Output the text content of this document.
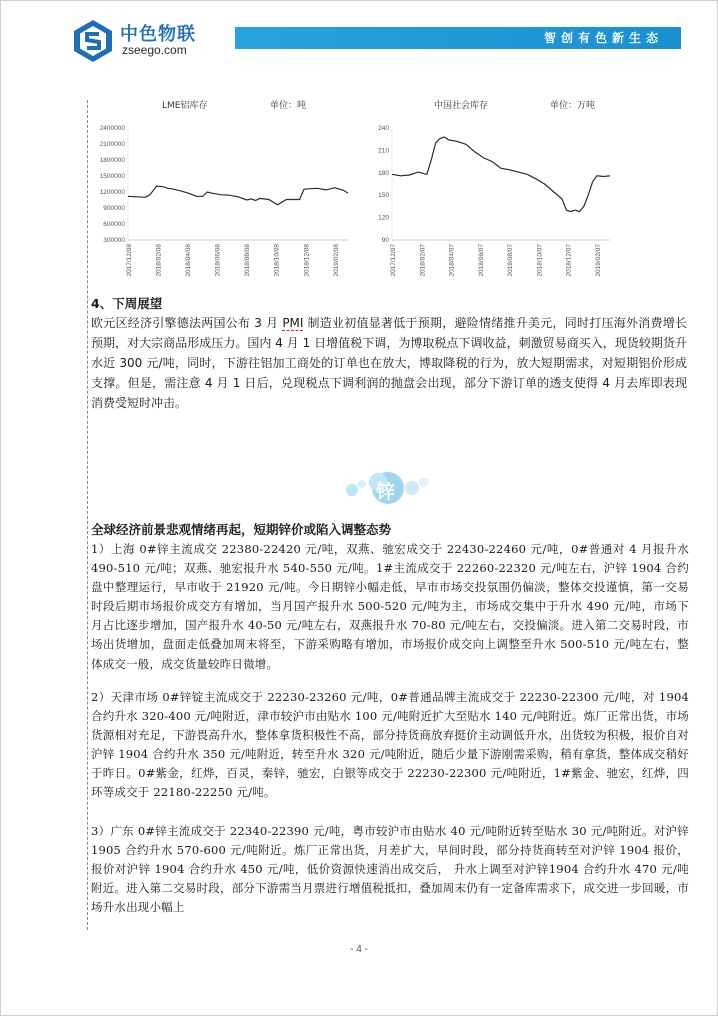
中色物联
zseego.com
智创有色新生态
LME铝库存	单位：吨
2400000
2100000
1800000
1500000
1200000
900000
600000
300000
2017/12/08	2018/02/08	2018/04/08	2018/06/08	2018/08/08	2018/10/08	2018/12/08	2019/02/08
中国社会库存	单位：万吨
240
210
180
150
120
90
2017/12/07	2018/02/07	2018/04/07	2018/06/07	2018/08/07	2018/10/07	2018/12/07	2019/02/07
4、下周展望
欧元区经济引擎德法两国公布 3 月 PMI 制造业初值显著低于预期，避险情绪推升美元，同时打压海外消费增长预期，对大宗商品形成压力。国内 4 月 1 日增值税下调，为博取税点下调收益，刺激贸易商买入，现货较期货升水近 300 元/吨，同时，下游往铝加工商处的订单也在放大，博取降税的行为，放大短期需求，对短期铝价形成支撑。但是，需注意 4 月 1 日后，兑现税点下调利润的抛盘会出现，部分下游订单的透支使得 4 月去库即表现消费受短时冲击。
锌
全球经济前景悲观情绪再起，短期锌价或陷入调整态势
1）上海 0#锌主流成交 22380-22420 元/吨，双燕、驰宏成交于 22430-22460 元/吨，0#普通对 4 月报升水 490-510 元/吨；双燕、驰宏报升水 540-550 元/吨。1#主流成交于 22260-22320 元/吨左右，沪锌 1904 合约盘中整理运行，早市收于 21920 元/吨。今日期锌小幅走低，早市市场交投氛围仍偏淡，整体交投谨慎，第一交易时段后期市场报价成交方有增加，当月国产报升水 500-520 元/吨为主，市场成交集中于升水 490 元/吨，市场下月占比逐步增加，国产报升水 40-50 元/吨左右，双燕报升水 70-80 元/吨左右，交投偏淡。进入第二交易时段，市场出货增加，盘面走低叠加周末将至，下游采购略有增加，市场报价成交向上调整至升水 500-510 元/吨左右，整体成交一般，成交货量较昨日微增。
2）天津市场 0#锌锭主流成交于 22230-23260 元/吨，0#普通品牌主流成交于 22230-22300 元/吨，对 1904 合约升水 320-400 元/吨附近，津市较沪市由贴水 100 元/吨附近扩大至贴水 140 元/吨附近。炼厂正常出货，市场货源相对充足，下游畏高升水，整体拿货积极性不高，部分持货商放弃挺价主动调低升水，出货较为积极，报价自对沪锌 1904 合约升水 350 元/吨附近，转至升水 320 元/吨附近，随后少量下游刚需采购，稍有拿货，整体成交稍好于昨日。0#紫金，红烨，百灵，秦锌，驰宏，白银等成交于 22230-22300 元/吨附近，1#紫金、驰宏，红烨，四环等成交于 22180-22250 元/吨。
3）广东 0#锌主流成交于 22340-22390 元/吨，粤市较沪市由贴水 40 元/吨附近转至贴水 30 元/吨附近。对沪锌 1905 合约升水 570-600 元/吨附近。炼厂正常出货，月差扩大，早间时段，部分持货商转至对沪锌 1904 报价，报价对沪锌 1904 合约升水 450 元/吨，低价资源快速消出成交后， 升水上调至对沪锌1904 合约升水 470 元/吨附近。进入第二交易时段，部分下游需当月票进行增值税抵扣，叠加周末仍有一定备库需求下，成交进一步回暖，市场升水出现小幅上
- 4 -
